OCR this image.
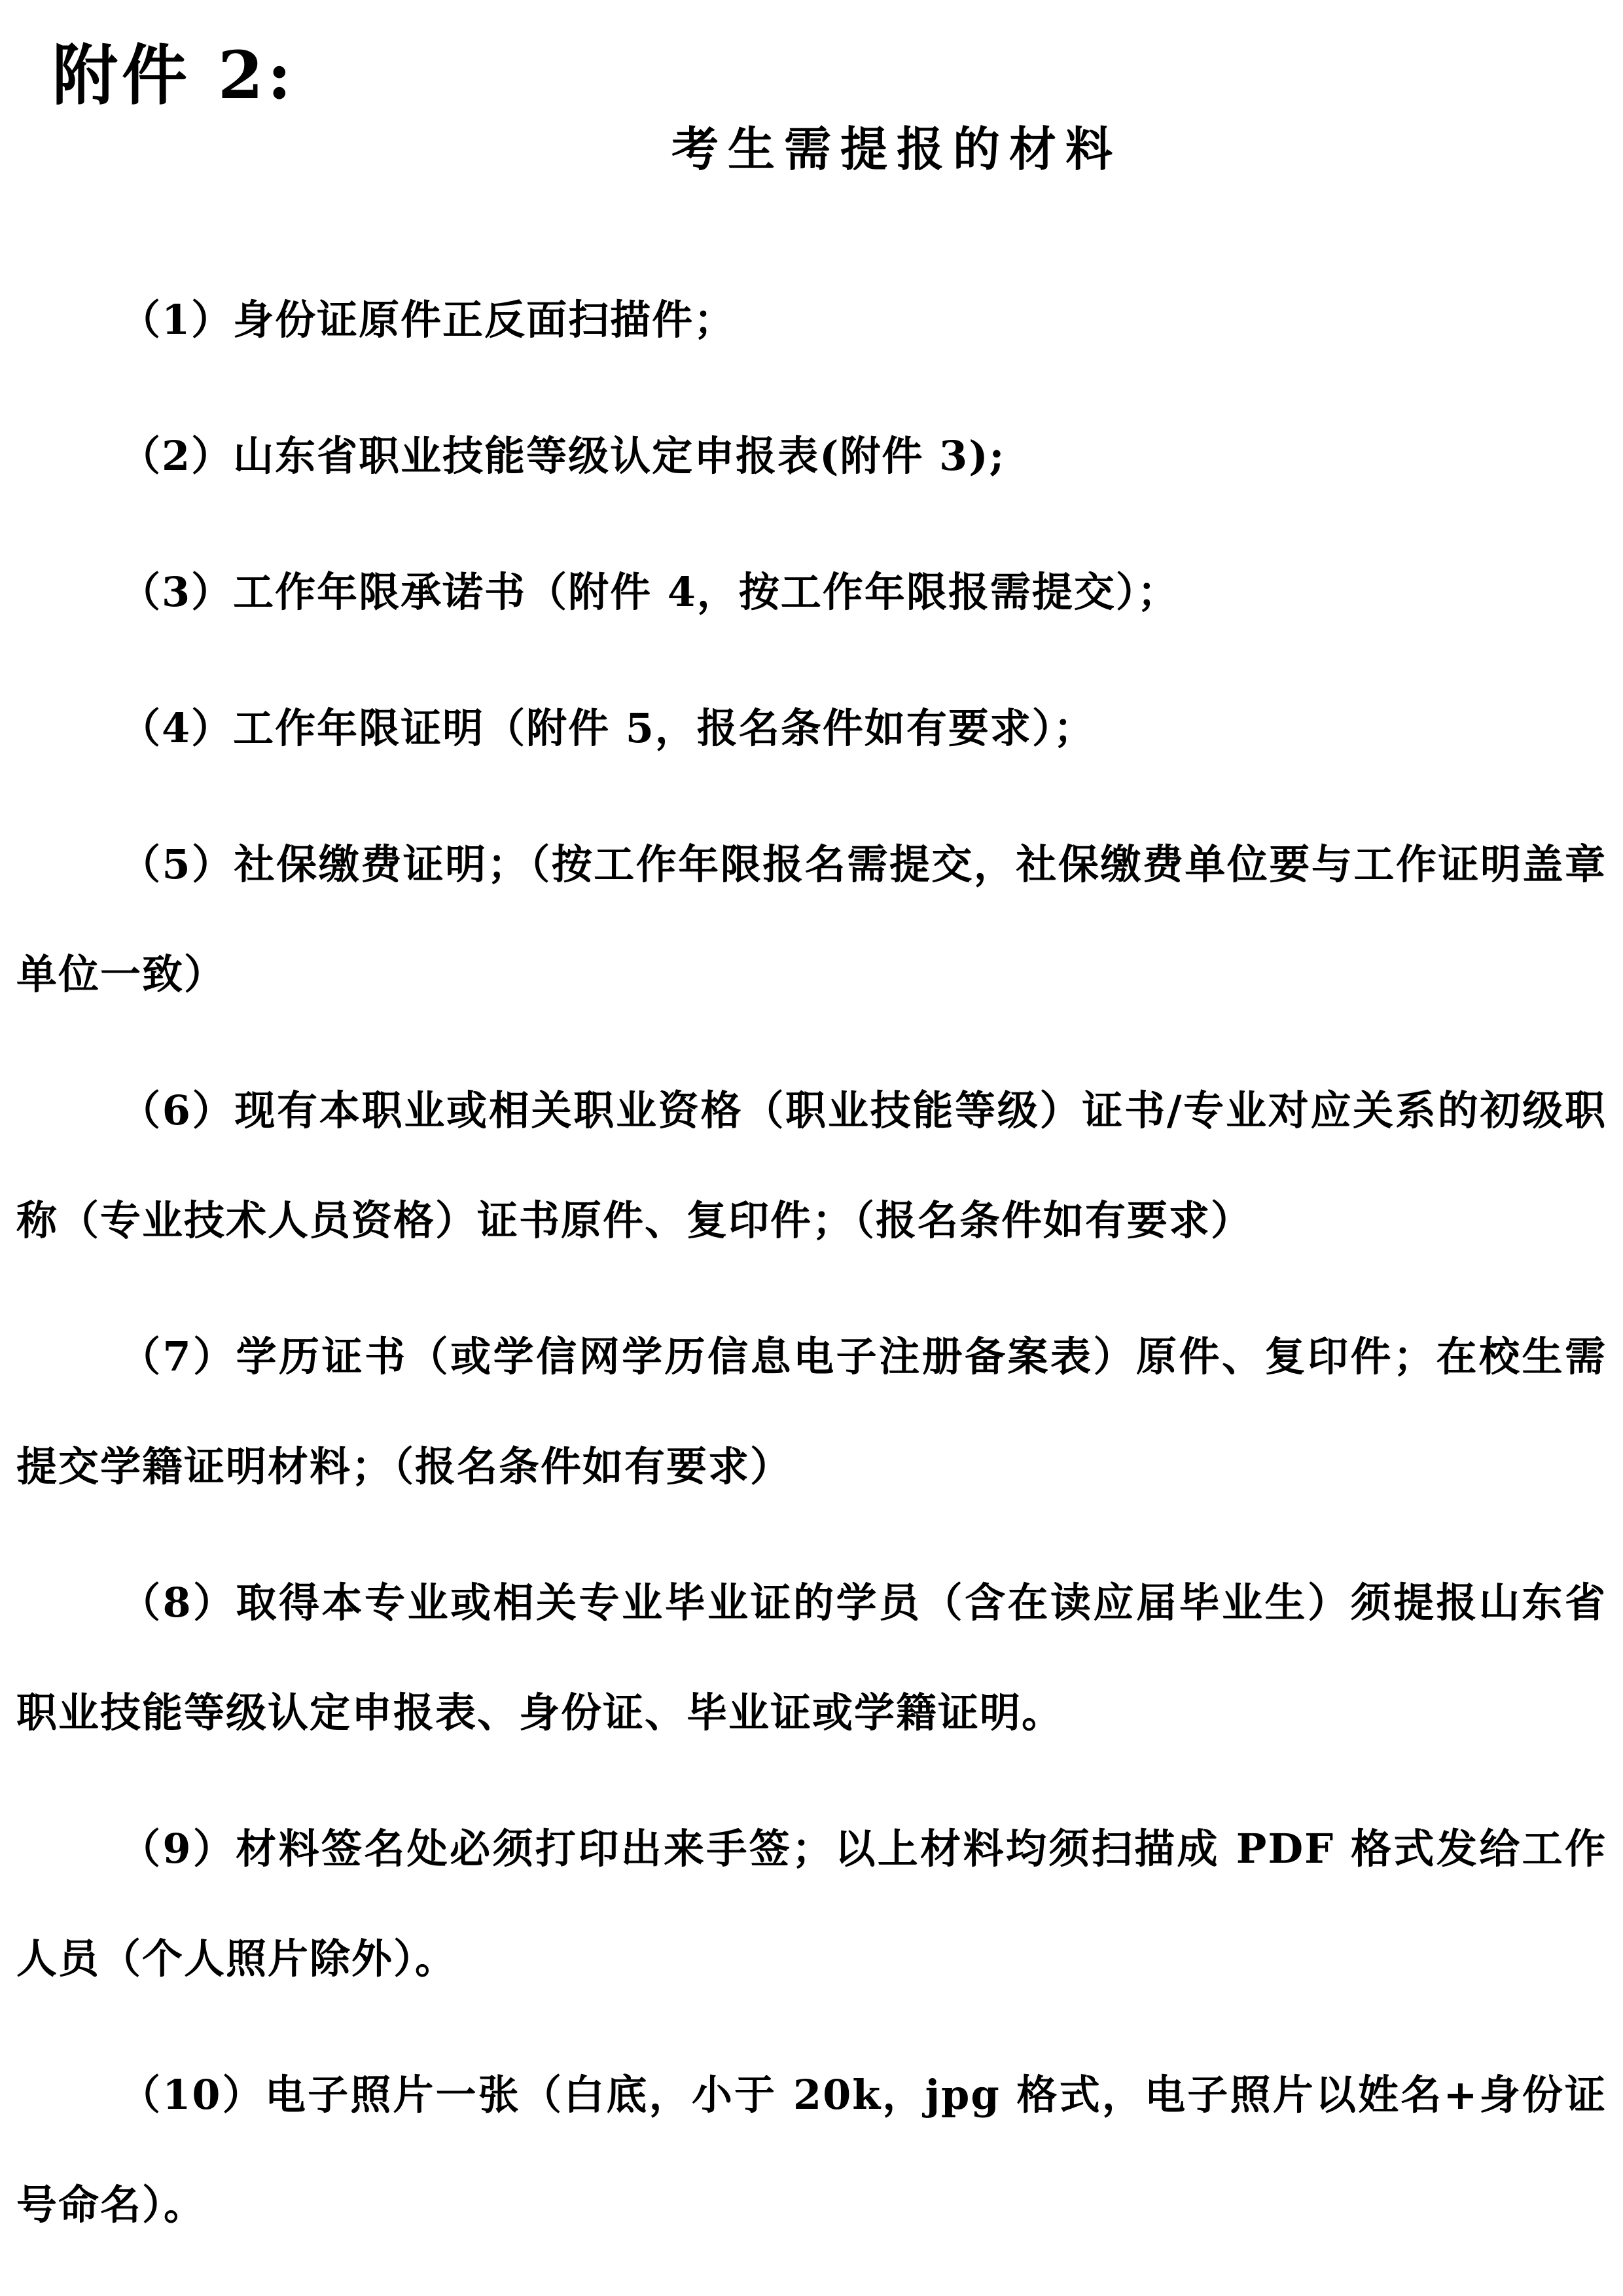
附件 2:
考生需提报的材料

（1）身份证原件正反面扫描件；

（2）山东省职业技能等级认定申报表(附件 3);

（3）工作年限承诺书（附件 4，按工作年限报需提交）；

（4）工作年限证明（附件 5，报名条件如有要求）；

（5）社保缴费证明；（按工作年限报名需提交，社保缴费单位要与工作证明盖章单位一致）

（6）现有本职业或相关职业资格（职业技能等级）证书/专业对应关系的初级职称（专业技术人员资格）证书原件、复印件；（报名条件如有要求）

（7）学历证书（或学信网学历信息电子注册备案表）原件、复印件；在校生需提交学籍证明材料；（报名条件如有要求）

（8）取得本专业或相关专业毕业证的学员（含在读应届毕业生）须提报山东省职业技能等级认定申报表、身份证、毕业证或学籍证明。

（9）材料签名处必须打印出来手签；以上材料均须扫描成 PDF 格式发给工作人员（个人照片除外）。

（10）电子照片一张（白底，小于 20k，jpg 格式，电子照片以姓名+身份证号命名）。
